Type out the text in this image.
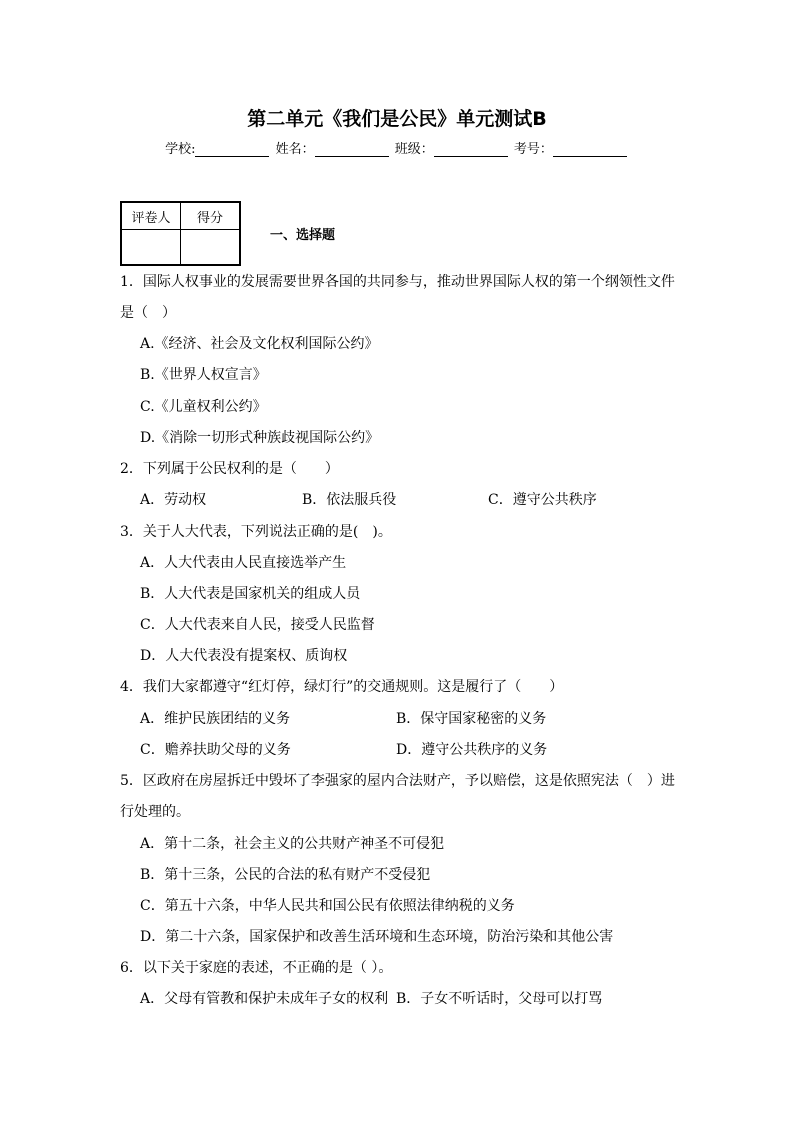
第二单元《我们是公民》单元测试B
学校:	姓名：	班级：	考号：
评卷人	得分

一、选择题
1．国际人权事业的发展需要世界各国的共同参与，推动世界国际人权的第一个纲领性文件
是（　）
A.《经济、社会及文化权利国际公约》
B.《世界人权宣言》
C.《儿童权利公约》
D.《消除一切形式种族歧视国际公约》
2．下列属于公民权利的是（　　）
A．劳动权	B．依法服兵役	C．遵守公共秩序
3．关于人大代表，下列说法正确的是(　)。
A．人大代表由人民直接选举产生
B．人大代表是国家机关的组成人员
C．人大代表来自人民，接受人民监督
D．人大代表没有提案权、质询权
4．我们大家都遵守“红灯停，绿灯行”的交通规则。这是履行了（　　）
A．维护民族团结的义务	B．保守国家秘密的义务
C．赡养扶助父母的义务	D．遵守公共秩序的义务
5．区政府在房屋拆迁中毁坏了李强家的屋内合法财产，予以赔偿，这是依照宪法（　）进
行处理的。
A．第十二条，社会主义的公共财产神圣不可侵犯
B．第十三条，公民的合法的私有财产不受侵犯
C．第五十六条，中华人民共和国公民有依照法律纳税的义务
D．第二十六条，国家保护和改善生活环境和生态环境，防治污染和其他公害
6．以下关于家庭的表述，不正确的是（ ）。
A．父母有管教和保护未成年子女的权利 B．子女不听话时，父母可以打骂
